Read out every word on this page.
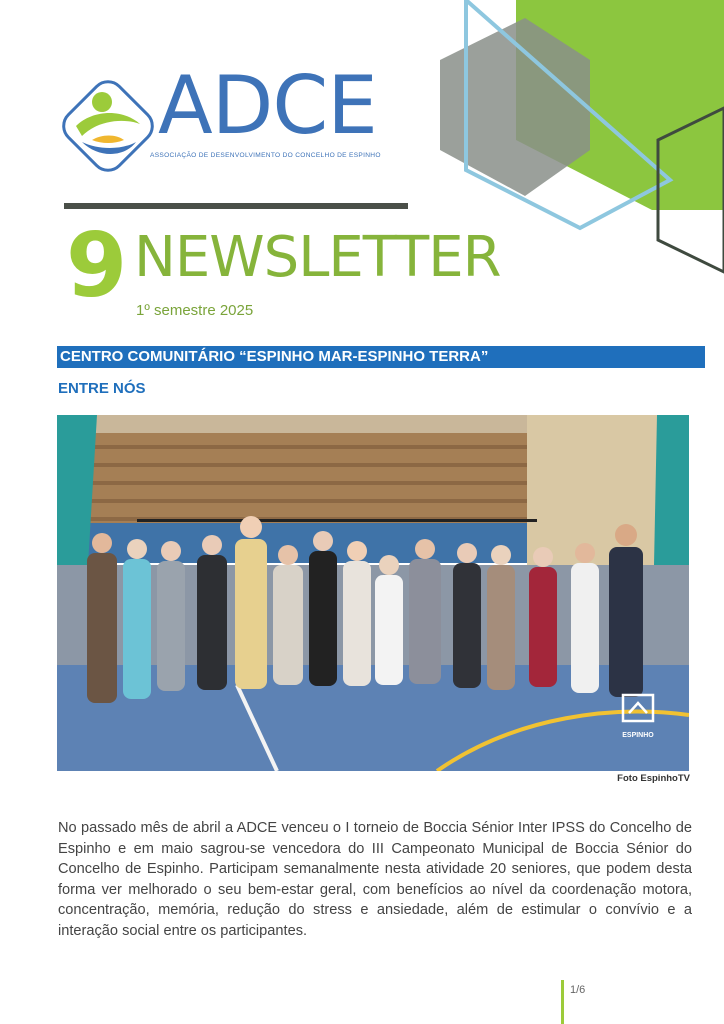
ADCE
ASSOCIAÇÃO DE DESENVOLVIMENTO DO CONCELHO DE ESPINHO
9 NEWSLETTER
1º semestre 2025
CENTRO COMUNITÁRIO “ESPINHO MAR-ESPINHO TERRA”
ENTRE NÓS
ESPINHO
Foto EspinhoTV

No passado mês de abril a ADCE venceu o I torneio de Boccia Sénior Inter IPSS do Concelho de Espinho e em maio sagrou-se vencedora do III Campeonato Municipal de Boccia Sénior do Concelho de Espinho. Participam semanalmente nesta atividade 20 seniores, que podem desta forma ver melhorado o seu bem-estar geral, com benefícios ao nível da coordenação motora, concentração, memória, redução do stress e ansiedade, além de estimular o convívio e a interação social entre os participantes.

1/6
